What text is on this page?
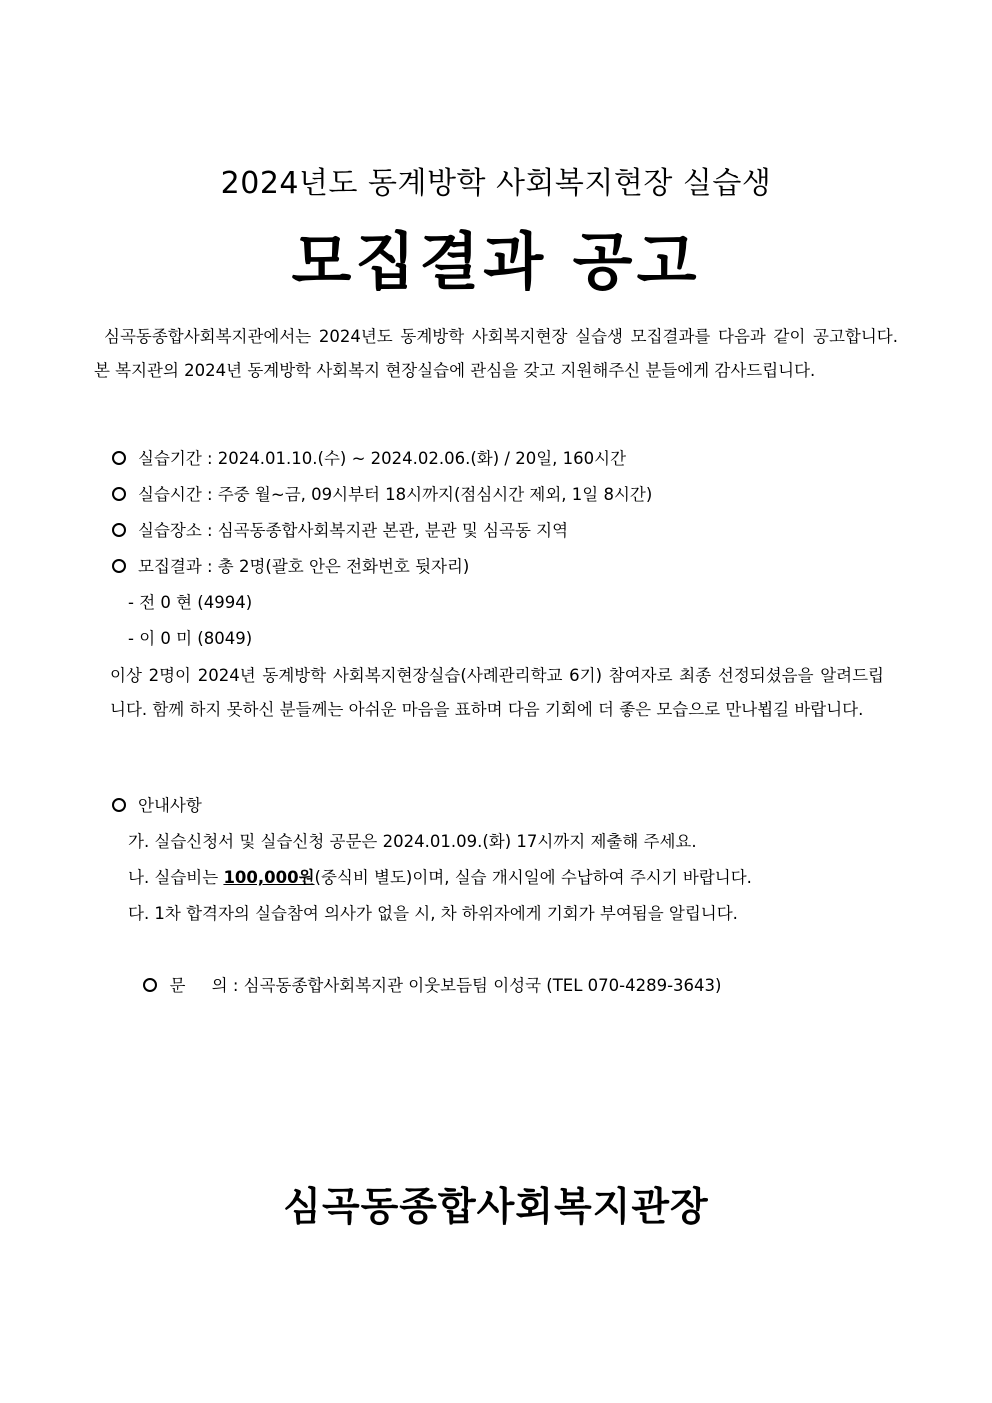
2024년도 동계방학 사회복지현장 실습생
모집결과 공고
심곡동종합사회복지관에서는 2024년도 동계방학 사회복지현장 실습생 모집결과를 다음과 같이 공고합니다. 본 복지관의 2024년 동계방학 사회복지 현장실습에 관심을 갖고 지원해주신 분들에게 감사드립니다.
실습기간 : 2024.01.10.(수) ~ 2024.02.06.(화) / 20일, 160시간
실습시간 : 주중 월~금, 09시부터 18시까지(점심시간 제외, 1일 8시간)
실습장소 : 심곡동종합사회복지관 본관, 분관 및 심곡동 지역
모집결과 : 총 2명(괄호 안은 전화번호 뒷자리)
- 전 0 현 (4994)
- 이 0 미 (8049)
이상 2명이 2024년 동계방학 사회복지현장실습(사례관리학교 6기) 참여자로 최종 선정되셨음을 알려드립니다. 함께 하지 못하신 분들께는 아쉬운 마음을 표하며 다음 기회에 더 좋은 모습으로 만나뵙길 바랍니다.
안내사항
가. 실습신청서 및 실습신청 공문은 2024.01.09.(화) 17시까지 제출해 주세요.
나. 실습비는 100,000원(중식비 별도)이며, 실습 개시일에 수납하여 주시기 바랍니다.
다. 1차 합격자의 실습참여 의사가 없을 시, 차 하위자에게 기회가 부여됨을 알립니다.

문     의 : 심곡동종합사회복지관 이웃보듬팀 이성국 (TEL 070-4289-3643)

심곡동종합사회복지관장
